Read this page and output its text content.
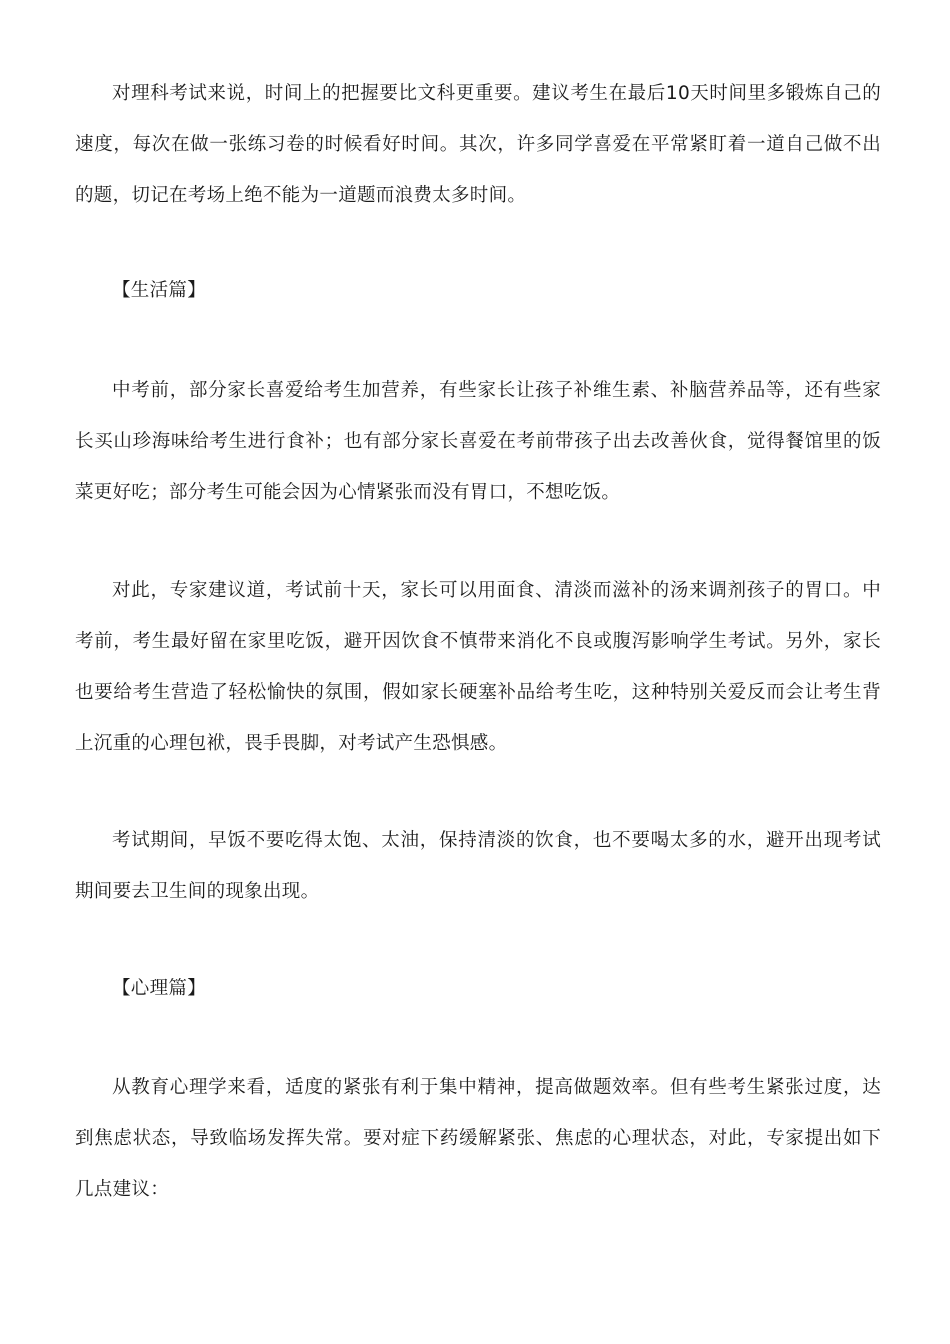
对理科考试来说，时间上的把握要比文科更重要。建议考生在最后10天时间里多锻炼自己的速度，每次在做一张练习卷的时候看好时间。其次，许多同学喜爱在平常紧盯着一道自己做不出的题，切记在考场上绝不能为一道题而浪费太多时间。

【生活篇】

中考前，部分家长喜爱给考生加营养，有些家长让孩子补维生素、补脑营养品等，还有些家长买山珍海味给考生进行食补；也有部分家长喜爱在考前带孩子出去改善伙食，觉得餐馆里的饭菜更好吃；部分考生可能会因为心情紧张而没有胃口，不想吃饭。

对此，专家建议道，考试前十天，家长可以用面食、清淡而滋补的汤来调剂孩子的胃口。中考前，考生最好留在家里吃饭，避开因饮食不慎带来消化不良或腹泻影响学生考试。另外，家长也要给考生营造了轻松愉快的氛围，假如家长硬塞补品给考生吃，这种特别关爱反而会让考生背上沉重的心理包袱，畏手畏脚，对考试产生恐惧感。

考试期间，早饭不要吃得太饱、太油，保持清淡的饮食，也不要喝太多的水，避开出现考试期间要去卫生间的现象出现。

【心理篇】

从教育心理学来看，适度的紧张有利于集中精神，提高做题效率。但有些考生紧张过度，达到焦虑状态，导致临场发挥失常。要对症下药缓解紧张、焦虑的心理状态，对此，专家提出如下几点建议：
